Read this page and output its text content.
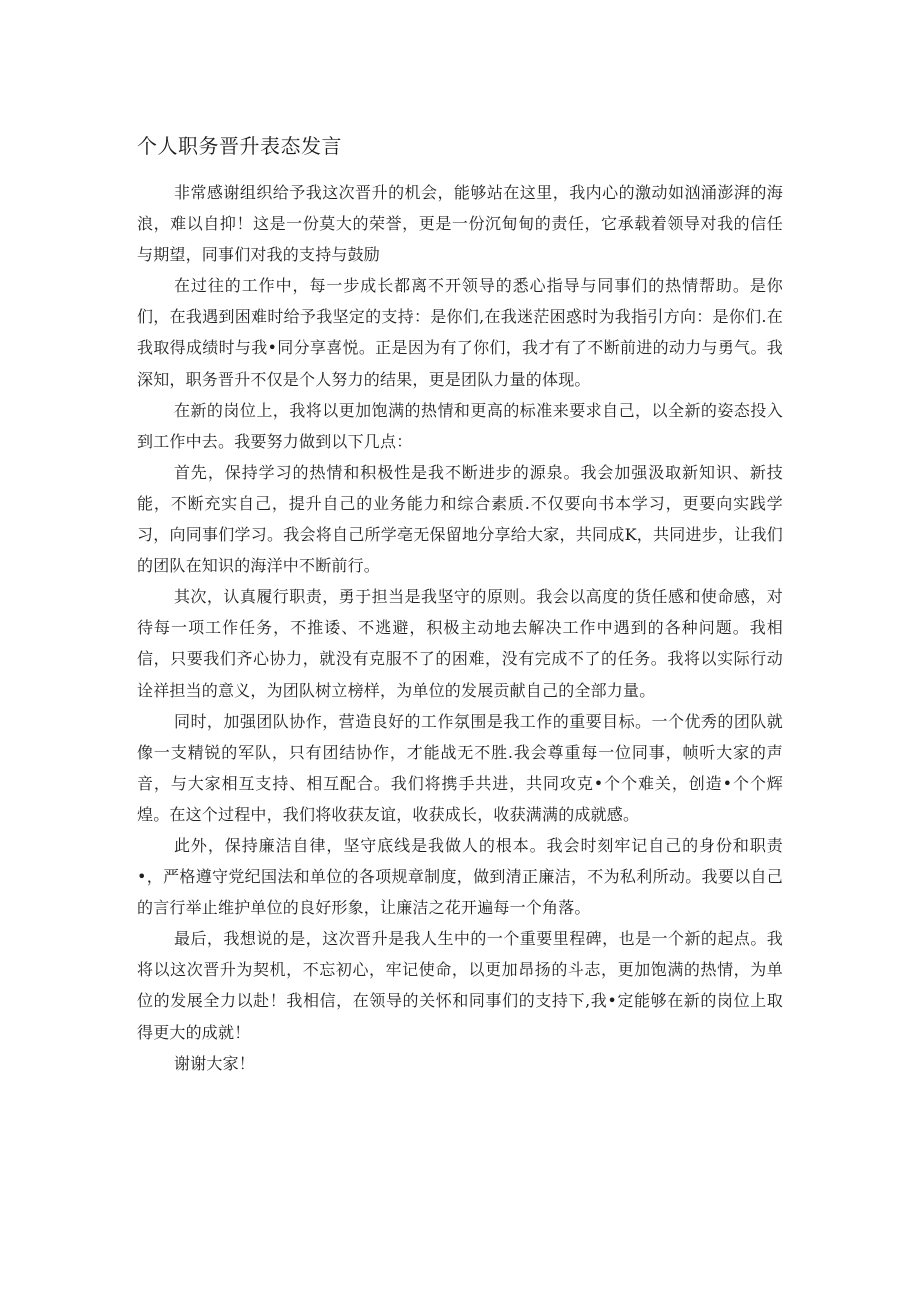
个人职务晋升表态发言

非常感谢组织给予我这次晋升的机会，能够站在这里，我内心的激动如汹涌澎湃的海浪，难以自抑！这是一份莫大的荣誉，更是一份沉甸甸的责任，它承载着领导对我的信任与期望，同事们对我的支持与鼓励

在过往的工作中，每一步成长都离不开领导的悉心指导与同事们的热情帮助。是你们，在我遇到困难时给予我坚定的支持：是你们,在我迷茫困惑时为我指引方向：是你们.在我取得成绩时与我•同分享喜悦。正是因为有了你们，我才有了不断前进的动力与勇气。我深知，职务晋升不仅是个人努力的结果，更是团队力量的体现。

在新的岗位上，我将以更加饱满的热情和更高的标准来要求自己，以全新的姿态投入到工作中去。我要努力做到以下几点：

首先，保持学习的热情和积极性是我不断进步的源泉。我会加强汲取新知识、新技能，不断充实自己，提升自己的业务能力和综合素质.不仅要向书本学习，更要向实践学习，向同事们学习。我会将自己所学亳无保留地分享给大家，共同成K，共同进步，让我们的团队在知识的海洋中不断前行。

其次，认真履行职责，勇于担当是我坚守的原则。我会以高度的货任感和使命感，对待每一项工作任务，不推诿、不逃避，积极主动地去解决工作中遇到的各种问题。我相信，只要我们齐心协力，就没有克服不了的困难，没有完成不了的任务。我将以实际行动诠祥担当的意义，为团队树立榜样，为单位的发展贡献自己的全部力量。

同时，加强团队协作，营造良好的工作氛围是我工作的重要目标。一个优秀的团队就像一支精锐的军队，只有团结协作，才能战无不胜.我会尊重每一位同事，帧听大家的声音，与大家相互支持、相互配合。我们将携手共进，共同攻克•个个难关，创造•个个辉煌。在这个过程中，我们将收获友谊，收获成长，收获满满的成就感。

此外，保持廉洁自律，坚守底线是我做人的根本。我会时刻牢记自己的身份和职责•，严格遵守党纪国法和单位的各项规章制度，做到清正廉洁，不为私利所动。我要以自己的言行举止维护单位的良好形象，让廉洁之花开遍每一个角落。

最后，我想说的是，这次晋升是我人生中的一个重要里程碑，也是一个新的起点。我将以这次晋升为契机，不忘初心，牢记使命，以更加昂扬的斗志，更加饱满的热情，为单位的发展全力以赴！我相信，在领导的关怀和同事们的支持下,我•定能够在新的岗位上取得更大的成就！

谢谢大家！
